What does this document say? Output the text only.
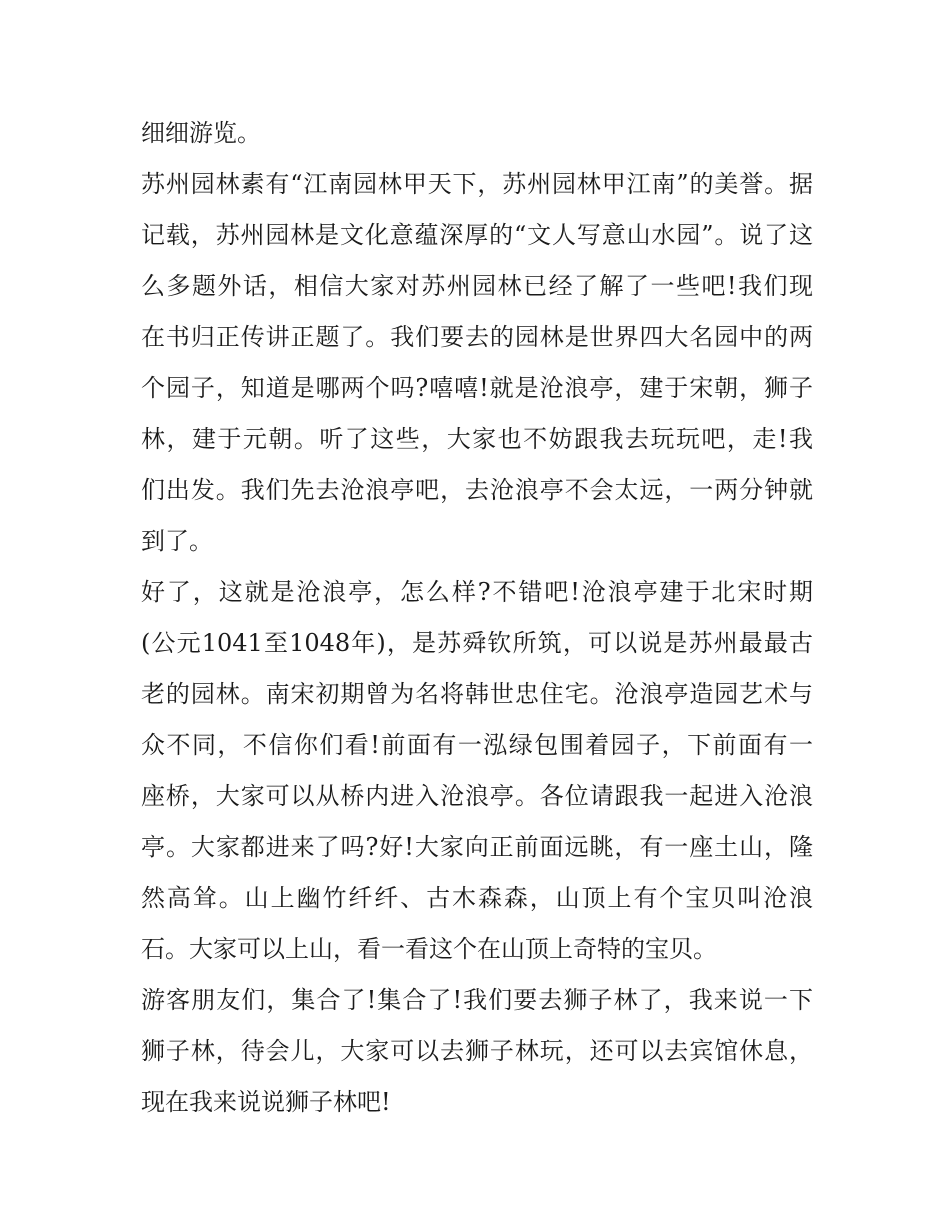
细细游览。
苏州园林素有“江南园林甲天下，苏州园林甲江南”的美誉。据
记载，苏州园林是文化意蕴深厚的“文人写意山水园”。说了这
么多题外话，相信大家对苏州园林已经了解了一些吧!我们现
在书归正传讲正题了。我们要去的园林是世界四大名园中的两
个园子，知道是哪两个吗?嘻嘻!就是沧浪亭，建于宋朝，狮子
林，建于元朝。听了这些，大家也不妨跟我去玩玩吧，走!我
们出发。我们先去沧浪亭吧，去沧浪亭不会太远，一两分钟就
到了。
好了，这就是沧浪亭，怎么样?不错吧!沧浪亭建于北宋时期
(公元1041至1048年)，是苏舜钦所筑，可以说是苏州最最古
老的园林。南宋初期曾为名将韩世忠住宅。沧浪亭造园艺术与
众不同，不信你们看!前面有一泓绿包围着园子，下前面有一
座桥，大家可以从桥内进入沧浪亭。各位请跟我一起进入沧浪
亭。大家都进来了吗?好!大家向正前面远眺，有一座土山，隆
然高耸。山上幽竹纤纤、古木森森，山顶上有个宝贝叫沧浪
石。大家可以上山，看一看这个在山顶上奇特的宝贝。
游客朋友们，集合了!集合了!我们要去狮子林了，我来说一下
狮子林，待会儿，大家可以去狮子林玩，还可以去宾馆休息，
现在我来说说狮子林吧!
